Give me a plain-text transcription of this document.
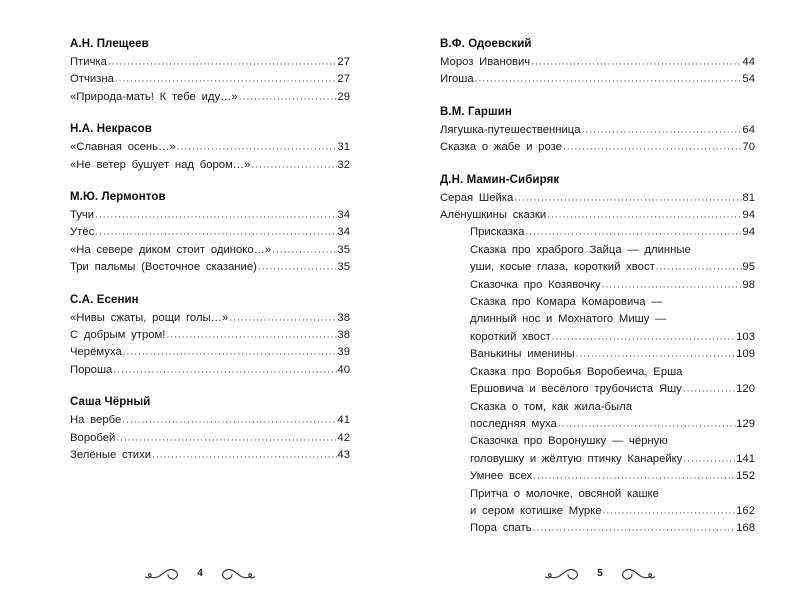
А.Н. Плещеев
Птичка .....	27
Отчизна .....	27
«Природа-мать! К тебе иду…» .....	29
Н.А. Некрасов
«Славная осень…» .....	31
«Не ветер бушует над бором…» .....	32
М.Ю. Лермонтов
Тучи .....	34
Утёс .....	34
«На севере диком стоит одиноко…» .....	35
Три пальмы (Восточное сказание) .....	35
С.А. Есенин
«Нивы сжаты, рощи голы…» .....	38
С добрым утром! .....	38
Черёмуха .....	39
Пороша .....	40
Саша Чёрный
На вербе .....	41
Воробей .....	42
Зелёные стихи .....	43
4
В.Ф. Одоевский
Мороз Иванович .....	44
Игоша .....	54
В.М. Гаршин
Лягушка-путешественница .....	64
Сказка о жабе и розе .....	70
Д.Н. Мамин-Сибиряк
Серая Шейка .....	81
Алёнушкины сказки .....	94
Присказка .....	94
Сказка про храброго Зайца — длинные
уши, косые глаза, короткий хвост .....	95
Сказочка про Козявочку .....	98
Сказка про Комара Комаровича —
длинный нос и Мохнатого Мишу —
короткий хвост .....	103
Ванькины именины .....	109
Сказка про Воробья Воробеича, Ерша
Ершовича и весёлого трубочиста Яшу .....	120
Сказка о том, как жила-была
последняя муха .....	129
Сказочка про Воронушку — чёрную
головушку и жёлтую птичку Канарейку .....	141
Умнее всех .....	152
Притча о молочке, овсяной кашке
и сером котишке Мурке .....	162
Пора спать .....	168
5
